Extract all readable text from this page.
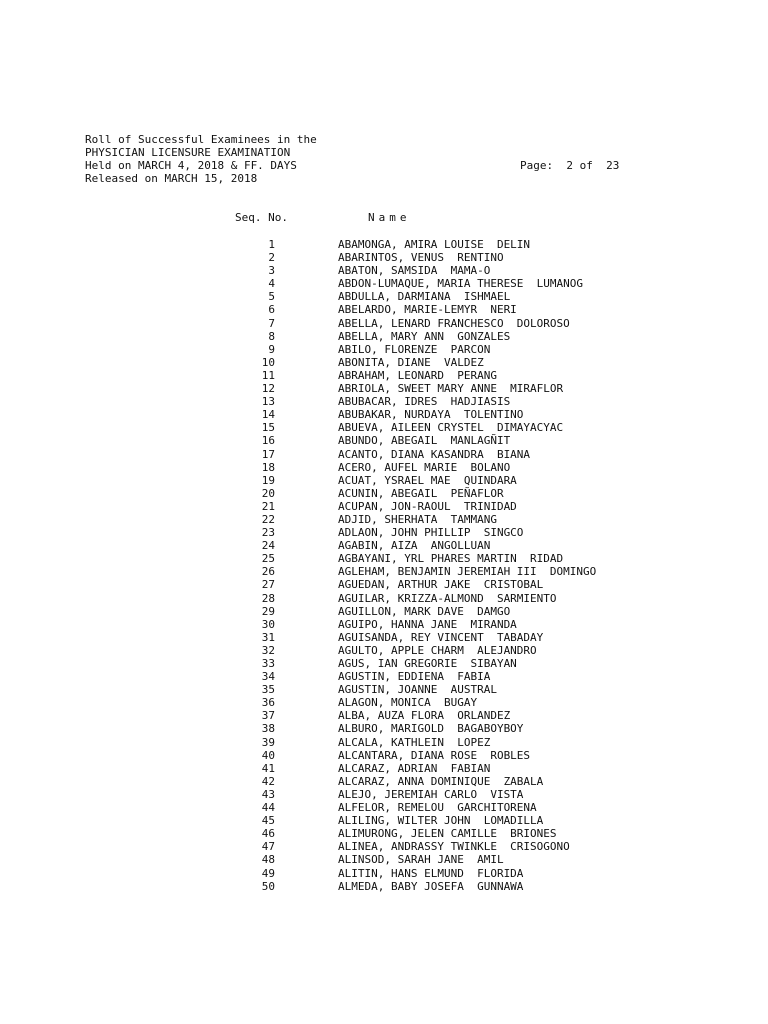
Roll of Successful Examinees in the
PHYSICIAN LICENSURE EXAMINATION
Held on MARCH 4, 2018 & FF. DAYS
Released on MARCH 15, 2018
Page:  2 of  23
Seq. No.	Name
1	ABAMONGA, AMIRA LOUISE  DELIN
2	ABARINTOS, VENUS  RENTINO
3	ABATON, SAMSIDA  MAMA-O
4	ABDON-LUMAQUE, MARIA THERESE  LUMANOG
5	ABDULLA, DARMIANA  ISHMAEL
6	ABELARDO, MARIE-LEMYR  NERI
7	ABELLA, LENARD FRANCHESCO  DOLOROSO
8	ABELLA, MARY ANN  GONZALES
9	ABILO, FLORENZE  PARCON
10	ABONITA, DIANE  VALDEZ
11	ABRAHAM, LEONARD  PERANG
12	ABRIOLA, SWEET MARY ANNE  MIRAFLOR
13	ABUBACAR, IDRES  HADJIASIS
14	ABUBAKAR, NURDAYA  TOLENTINO
15	ABUEVA, AILEEN CRYSTEL  DIMAYACYAC
16	ABUNDO, ABEGAIL  MANLAGÑIT
17	ACANTO, DIANA KASANDRA  BIANA
18	ACERO, AUFEL MARIE  BOLANO
19	ACUAT, YSRAEL MAE  QUINDARA
20	ACUNIN, ABEGAIL  PEÑAFLOR
21	ACUPAN, JON-RAOUL  TRINIDAD
22	ADJID, SHERHATA  TAMMANG
23	ADLAON, JOHN PHILLIP  SINGCO
24	AGABIN, AIZA  ANGOLLUAN
25	AGBAYANI, YRL PHARES MARTIN  RIDAD
26	AGLEHAM, BENJAMIN JEREMIAH III  DOMINGO
27	AGUEDAN, ARTHUR JAKE  CRISTOBAL
28	AGUILAR, KRIZZA-ALMOND  SARMIENTO
29	AGUILLON, MARK DAVE  DAMGO
30	AGUIPO, HANNA JANE  MIRANDA
31	AGUISANDA, REY VINCENT  TABADAY
32	AGULTO, APPLE CHARM  ALEJANDRO
33	AGUS, IAN GREGORIE  SIBAYAN
34	AGUSTIN, EDDIENA  FABIA
35	AGUSTIN, JOANNE  AUSTRAL
36	ALAGON, MONICA  BUGAY
37	ALBA, AUZA FLORA  ORLANDEZ
38	ALBURO, MARIGOLD  BAGABOYBOY
39	ALCALA, KATHLEIN  LOPEZ
40	ALCANTARA, DIANA ROSE  ROBLES
41	ALCARAZ, ADRIAN  FABIAN
42	ALCARAZ, ANNA DOMINIQUE  ZABALA
43	ALEJO, JEREMIAH CARLO  VISTA
44	ALFELOR, REMELOU  GARCHITORENA
45	ALILING, WILTER JOHN  LOMADILLA
46	ALIMURONG, JELEN CAMILLE  BRIONES
47	ALINEA, ANDRASSY TWINKLE  CRISOGONO
48	ALINSOD, SARAH JANE  AMIL
49	ALITIN, HANS ELMUND  FLORIDA
50	ALMEDA, BABY JOSEFA  GUNNAWA
